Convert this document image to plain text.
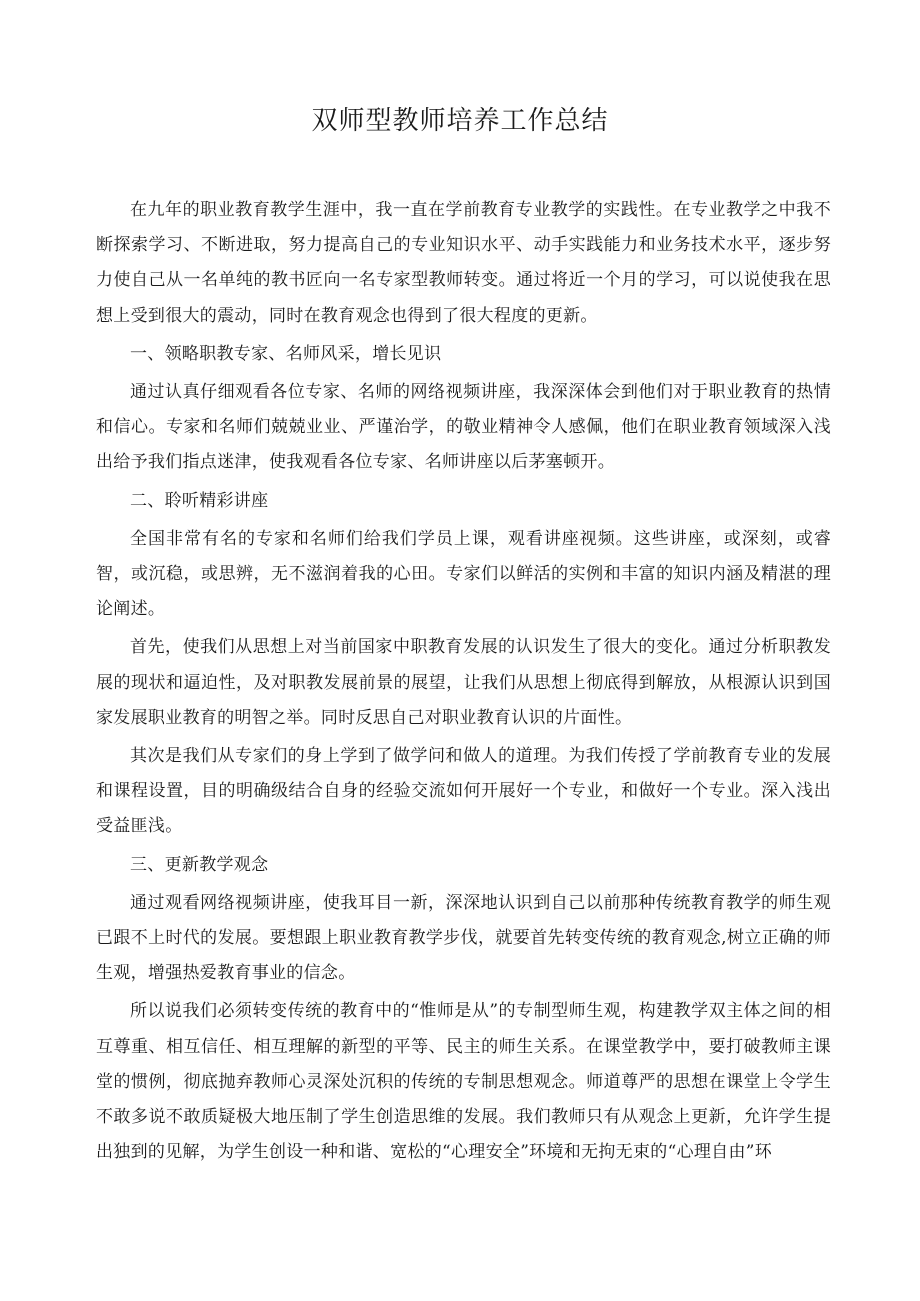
双师型教师培养工作总结

在九年的职业教育教学生涯中，我一直在学前教育专业教学的实践性。在专业教学之中我不断探索学习、不断进取，努力提高自己的专业知识水平、动手实践能力和业务技术水平，逐步努力使自己从一名单纯的教书匠向一名专家型教师转变。通过将近一个月的学习，可以说使我在思想上受到很大的震动，同时在教育观念也得到了很大程度的更新。

一、领略职教专家、名师风采，增长见识

通过认真仔细观看各位专家、名师的网络视频讲座，我深深体会到他们对于职业教育的热情和信心。专家和名师们兢兢业业、严谨治学，的敬业精神令人感佩，他们在职业教育领域深入浅出给予我们指点迷津，使我观看各位专家、名师讲座以后茅塞顿开。

二、聆听精彩讲座

全国非常有名的专家和名师们给我们学员上课，观看讲座视频。这些讲座，或深刻，或睿智，或沉稳，或思辨，无不滋润着我的心田。专家们以鲜活的实例和丰富的知识内涵及精湛的理论阐述。

首先，使我们从思想上对当前国家中职教育发展的认识发生了很大的变化。通过分析职教发展的现状和逼迫性，及对职教发展前景的展望，让我们从思想上彻底得到解放，从根源认识到国家发展职业教育的明智之举。同时反思自己对职业教育认识的片面性。

其次是我们从专家们的身上学到了做学问和做人的道理。为我们传授了学前教育专业的发展和课程设置，目的明确级结合自身的经验交流如何开展好一个专业，和做好一个专业。深入浅出受益匪浅。

三、更新教学观念

通过观看网络视频讲座，使我耳目一新，深深地认识到自己以前那种传统教育教学的师生观已跟不上时代的发展。要想跟上职业教育教学步伐，就要首先转变传统的教育观念,树立正确的师生观，增强热爱教育事业的信念。

所以说我们必须转变传统的教育中的“惟师是从”的专制型师生观，构建教学双主体之间的相互尊重、相互信任、相互理解的新型的平等、民主的师生关系。在课堂教学中，要打破教师主课堂的惯例，彻底抛弃教师心灵深处沉积的传统的专制思想观念。师道尊严的思想在课堂上令学生不敢多说不敢质疑极大地压制了学生创造思维的发展。我们教师只有从观念上更新，允许学生提出独到的见解，为学生创设一种和谐、宽松的“心理安全”环境和无拘无束的“心理自由”环
